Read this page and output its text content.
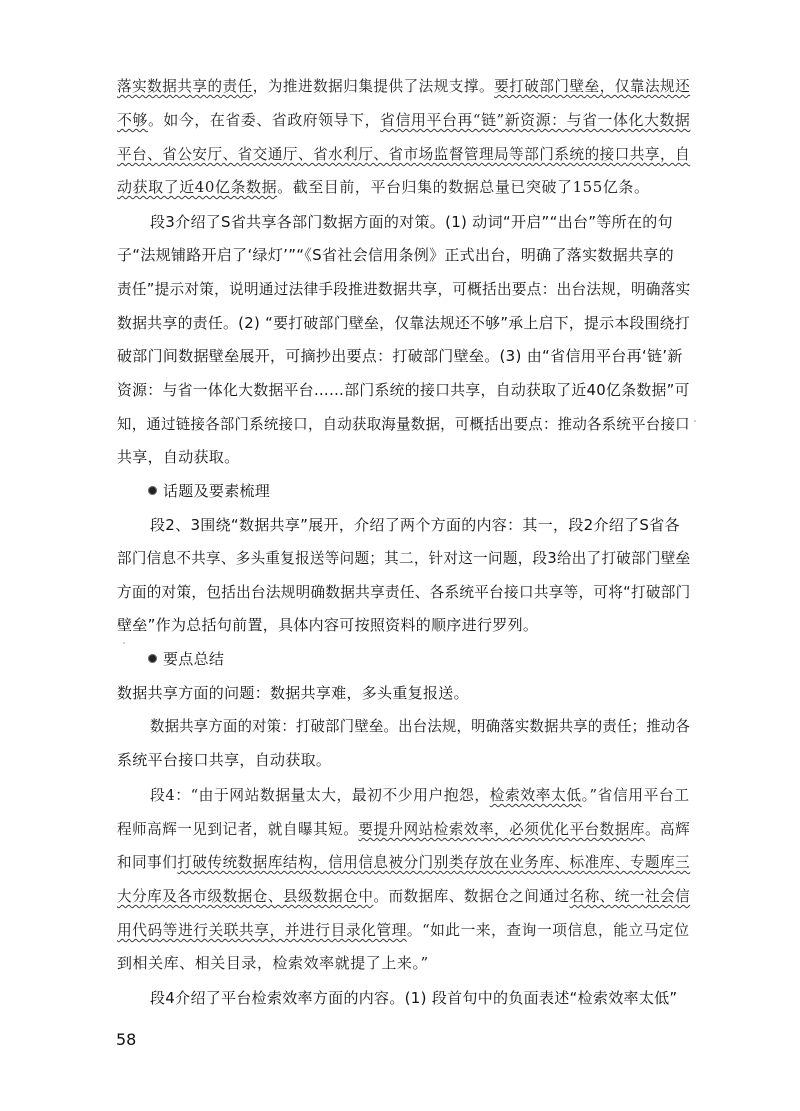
落实数据共享的责任，为推进数据归集提供了法规支撑。要打破部门壁垒，仅靠法规还
不够。如今，在省委、省政府领导下，省信用平台再“链”新资源：与省一体化大数据
平台、省公安厅、省交通厅、省水利厅、省市场监督管理局等部门系统的接口共享，自
动获取了近40亿条数据。截至目前，平台归集的数据总量已突破了155亿条。
段3介绍了S省共享各部门数据方面的对策。(1) 动词“开启”“出台”等所在的句
子“法规铺路开启了‘绿灯’”“《S省社会信用条例》正式出台，明确了落实数据共享的
责任”提示对策，说明通过法律手段推进数据共享，可概括出要点：出台法规，明确落实
数据共享的责任。(2) “要打破部门壁垒，仅靠法规还不够”承上启下，提示本段围绕打
破部门间数据壁垒展开，可摘抄出要点：打破部门壁垒。(3) 由“省信用平台再‘链’新
资源：与省一体化大数据平台……部门系统的接口共享，自动获取了近40亿条数据”可
知，通过链接各部门系统接口，自动获取海量数据，可概括出要点：推动各系统平台接口
共享，自动获取。
话题及要素梳理
段2、3围绕“数据共享”展开，介绍了两个方面的内容：其一，段2介绍了S省各
部门信息不共享、多头重复报送等问题；其二，针对这一问题，段3给出了打破部门壁垒
方面的对策，包括出台法规明确数据共享责任、各系统平台接口共享等，可将“打破部门
壁垒”作为总括句前置，具体内容可按照资料的顺序进行罗列。
要点总结
数据共享方面的问题：数据共享难，多头重复报送。
数据共享方面的对策：打破部门壁垒。出台法规，明确落实数据共享的责任；推动各
系统平台接口共享，自动获取。
段4：“由于网站数据量太大，最初不少用户抱怨，检索效率太低。”省信用平台工
程师高辉一见到记者，就自曝其短。要提升网站检索效率，必须优化平台数据库。高辉
和同事们打破传统数据库结构，信用信息被分门别类存放在业务库、标准库、专题库三
大分库及各市级数据仓、县级数据仓中。而数据库、数据仓之间通过名称、统一社会信
用代码等进行关联共享，并进行目录化管理。“如此一来，查询一项信息，能立马定位
到相关库、相关目录，检索效率就提了上来。”
段4介绍了平台检索效率方面的内容。(1) 段首句中的负面表述“检索效率太低”
58
